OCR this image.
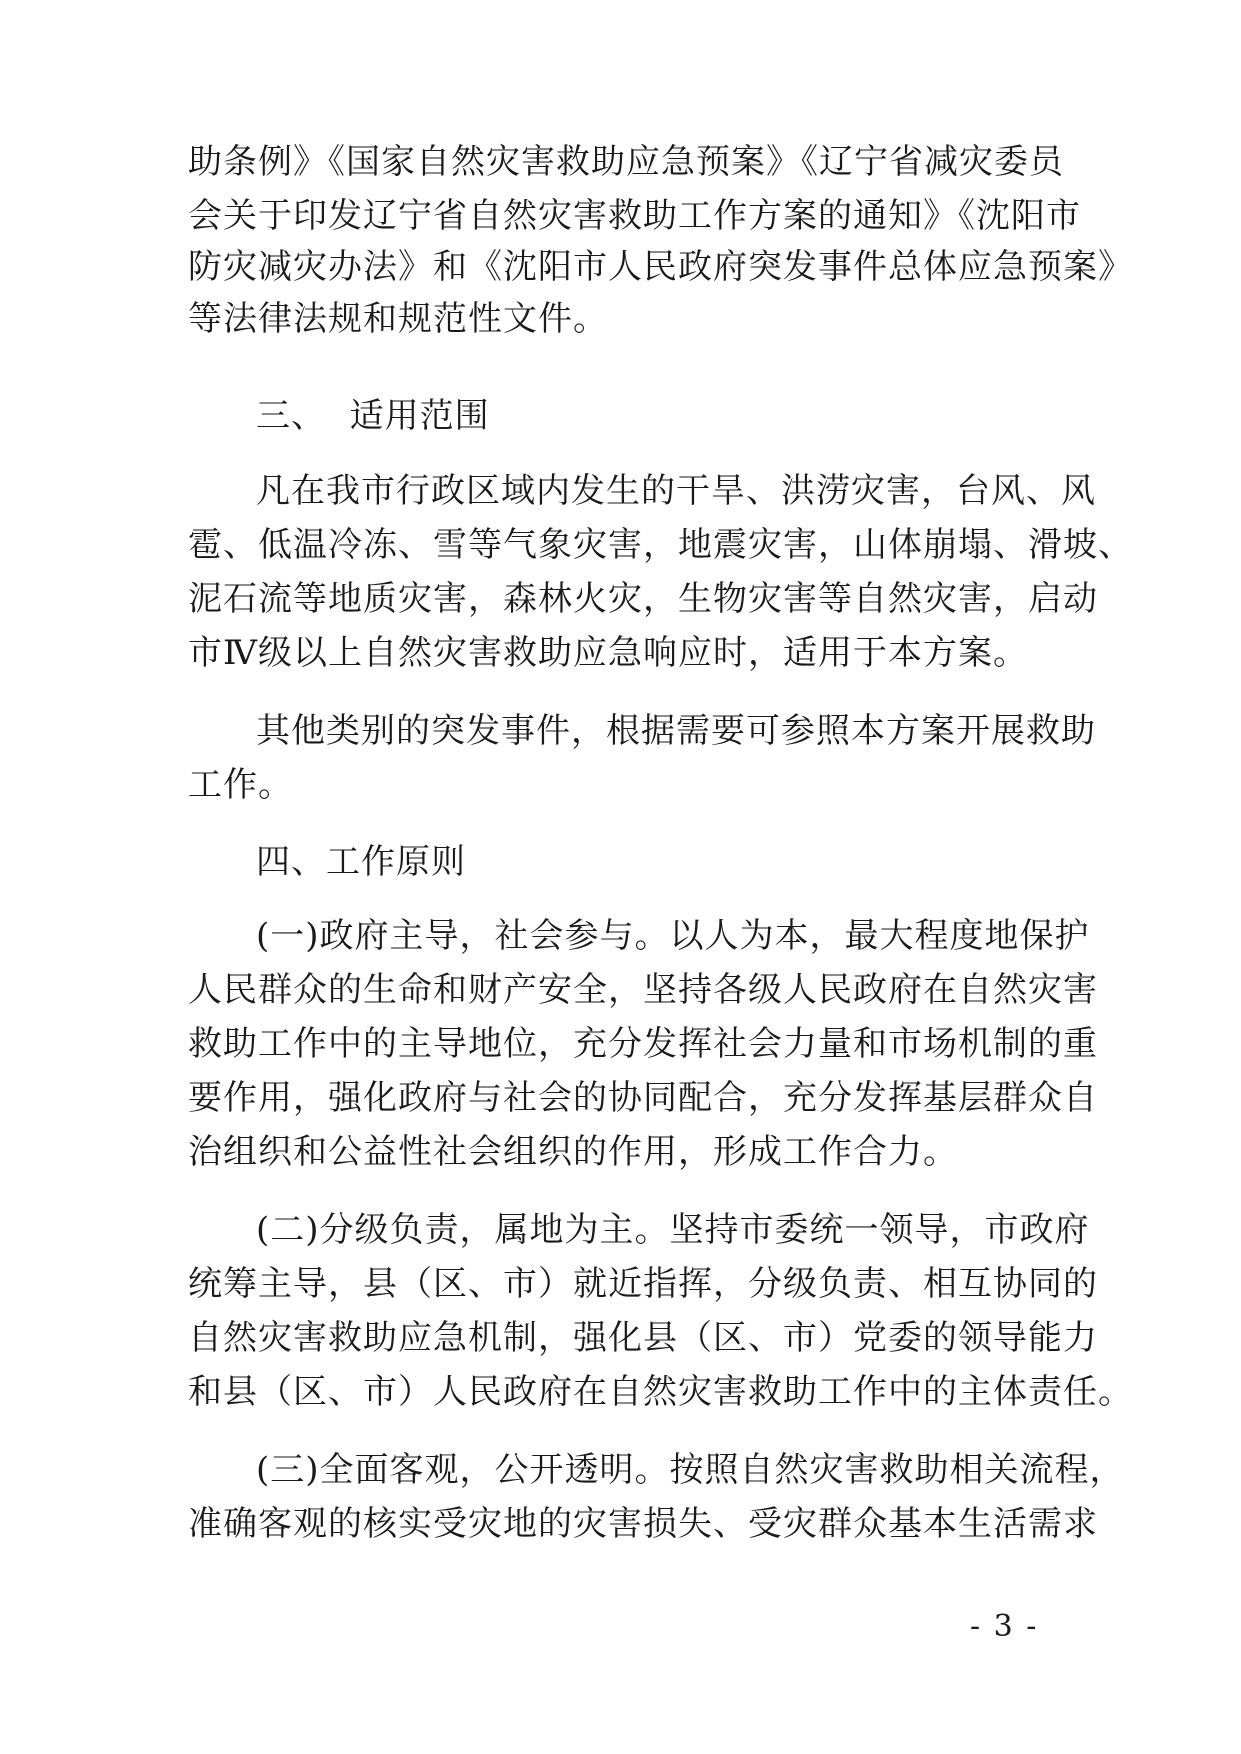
助条例》《国家自然灾害救助应急预案》《辽宁省减灾委员
会关于印发辽宁省自然灾害救助工作方案的通知》《沈阳市
防灾减灾办法》和《沈阳市人民政府突发事件总体应急预案》
等法律法规和规范性文件。
三、  适用范围
凡在我市行政区域内发生的干旱、洪涝灾害，台风、风
雹、低温冷冻、雪等气象灾害，地震灾害，山体崩塌、滑坡、
泥石流等地质灾害，森林火灾，生物灾害等自然灾害，启动
市Ⅳ级以上自然灾害救助应急响应时，适用于本方案。
其他类别的突发事件，根据需要可参照本方案开展救助
工作。
四、工作原则
(一)政府主导，社会参与。以人为本，最大程度地保护
人民群众的生命和财产安全，坚持各级人民政府在自然灾害
救助工作中的主导地位，充分发挥社会力量和市场机制的重
要作用，强化政府与社会的协同配合，充分发挥基层群众自
治组织和公益性社会组织的作用，形成工作合力。
(二)分级负责，属地为主。坚持市委统一领导，市政府
统筹主导，县（区、市）就近指挥，分级负责、相互协同的
自然灾害救助应急机制，强化县（区、市）党委的领导能力
和县（区、市）人民政府在自然灾害救助工作中的主体责任。
(三)全面客观，公开透明。按照自然灾害救助相关流程，
准确客观的核实受灾地的灾害损失、受灾群众基本生活需求
- 3 -
